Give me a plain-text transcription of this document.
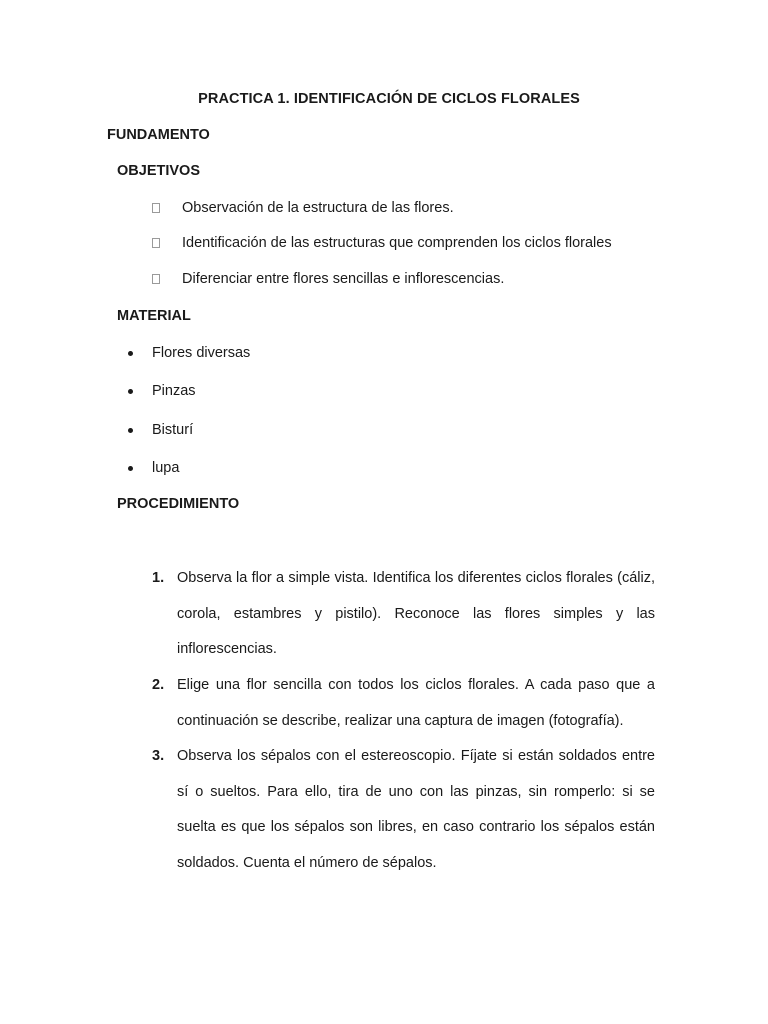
PRACTICA 1. IDENTIFICACIÓN DE CICLOS FLORALES
FUNDAMENTO
OBJETIVOS
Observación de la estructura de las flores.
Identificación de las estructuras que comprenden los ciclos florales
Diferenciar entre flores sencillas e inflorescencias.
MATERIAL
Flores diversas
Pinzas
Bisturí
lupa
PROCEDIMIENTO
1. Observa la flor a simple vista. Identifica los diferentes ciclos florales (cáliz, corola, estambres y pistilo). Reconoce las flores simples y las inflorescencias.

2. Elige una flor sencilla con todos los ciclos florales. A cada paso que a continuación se describe, realizar una captura de imagen (fotografía).

3. Observa los sépalos con el estereoscopio. Fíjate si están soldados entre sí o sueltos. Para ello, tira de uno con las pinzas, sin romperlo: si se suelta es que los sépalos son libres, en caso contrario los sépalos están soldados. Cuenta el número de sépalos.
